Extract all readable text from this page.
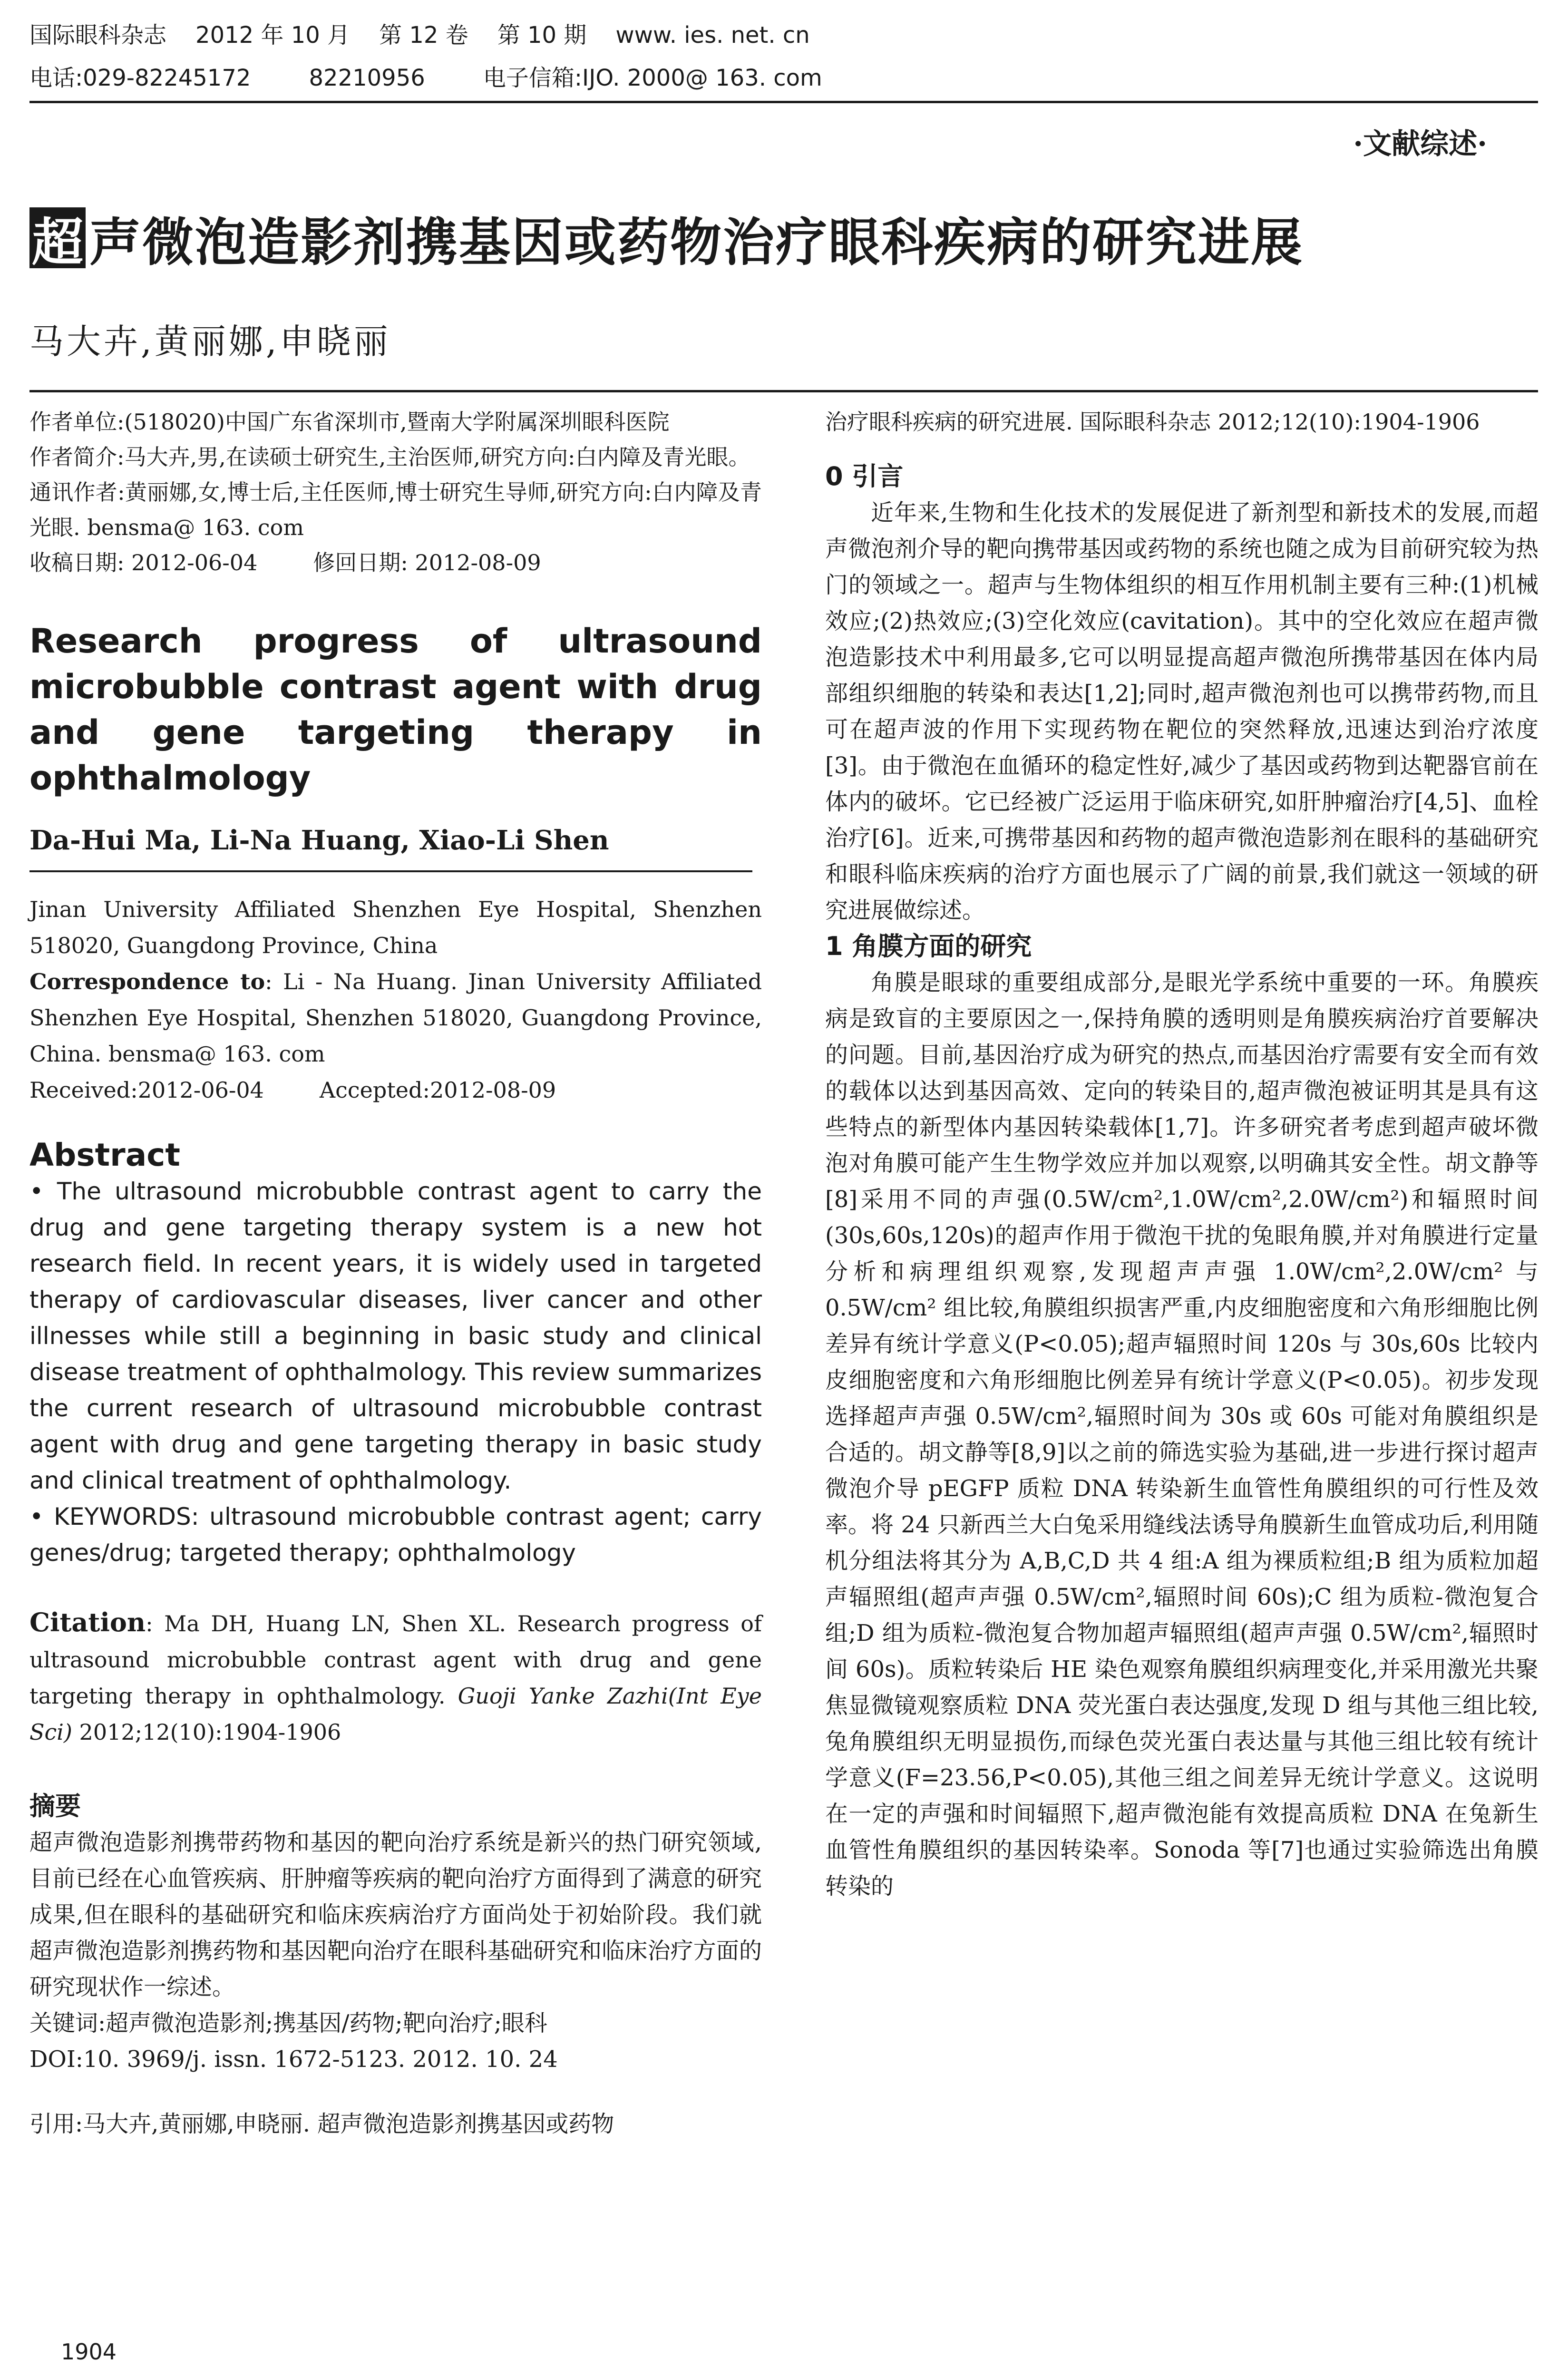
国际眼科杂志    2012 年 10 月    第 12 卷    第 10 期    www. ies. net. cn
电话:029-82245172        82210956        电子信箱:IJO. 2000@ 163. com
·文献综述·
超 声微泡造影剂携基因或药物治疗眼科疾病的研究进展
马大卉,黄丽娜,申晓丽

作者单位:(518020)中国广东省深圳市,暨南大学附属深圳眼科医院

作者简介:马大卉,男,在读硕士研究生,主治医师,研究方向:白内障及青光眼。

通讯作者:黄丽娜,女,博士后,主任医师,博士研究生导师,研究方向:白内障及青光眼. bensma@ 163. com

收稿日期: 2012-06-04        修回日期: 2012-08-09

Research progress of ultrasound microbubble contrast agent with drug and gene targeting therapy in ophthalmology

Da-Hui Ma, Li-Na Huang, Xiao-Li Shen

Jinan University Affiliated Shenzhen Eye Hospital, Shenzhen 518020, Guangdong Province, China

Correspondence to: Li - Na Huang. Jinan University Affiliated Shenzhen Eye Hospital, Shenzhen 518020, Guangdong Province, China. bensma@ 163. com

Received:2012-06-04        Accepted:2012-08-09

Abstract

• The ultrasound microbubble contrast agent to carry the drug and gene targeting therapy system is a new hot research field. In recent years, it is widely used in targeted therapy of cardiovascular diseases, liver cancer and other illnesses while still a beginning in basic study and clinical disease treatment of ophthalmology. This review summarizes the current research of ultrasound microbubble contrast agent with drug and gene targeting therapy in basic study and clinical treatment of ophthalmology.

• KEYWORDS: ultrasound microbubble contrast agent; carry genes/drug; targeted therapy; ophthalmology

Citation: Ma DH, Huang LN, Shen XL. Research progress of ultrasound microbubble contrast agent with drug and gene targeting therapy in ophthalmology. Guoji Yanke Zazhi(Int Eye Sci) 2012;12(10):1904-1906

摘要

超声微泡造影剂携带药物和基因的靶向治疗系统是新兴的热门研究领域,目前已经在心血管疾病、肝肿瘤等疾病的靶向治疗方面得到了满意的研究成果,但在眼科的基础研究和临床疾病治疗方面尚处于初始阶段。我们就超声微泡造影剂携药物和基因靶向治疗在眼科基础研究和临床治疗方面的研究现状作一综述。

关键词:超声微泡造影剂;携基因/药物;靶向治疗;眼科

DOI:10. 3969/j. issn. 1672-5123. 2012. 10. 24

引用:马大卉,黄丽娜,申晓丽. 超声微泡造影剂携基因或药物

治疗眼科疾病的研究进展. 国际眼科杂志 2012;12(10):1904-1906

0 引言

近年来,生物和生化技术的发展促进了新剂型和新技术的发展,而超声微泡剂介导的靶向携带基因或药物的系统也随之成为目前研究较为热门的领域之一。超声与生物体组织的相互作用机制主要有三种:(1)机械效应;(2)热效应;(3)空化效应(cavitation)。其中的空化效应在超声微泡造影技术中利用最多,它可以明显提高超声微泡所携带基因在体内局部组织细胞的转染和表达[1,2];同时,超声微泡剂也可以携带药物,而且可在超声波的作用下实现药物在靶位的突然释放,迅速达到治疗浓度[3]。由于微泡在血循环的稳定性好,减少了基因或药物到达靶器官前在体内的破坏。它已经被广泛运用于临床研究,如肝肿瘤治疗[4,5]、血栓治疗[6]。近来,可携带基因和药物的超声微泡造影剂在眼科的基础研究和眼科临床疾病的治疗方面也展示了广阔的前景,我们就这一领域的研究进展做综述。

1 角膜方面的研究

角膜是眼球的重要组成部分,是眼光学系统中重要的一环。角膜疾病是致盲的主要原因之一,保持角膜的透明则是角膜疾病治疗首要解决的问题。目前,基因治疗成为研究的热点,而基因治疗需要有安全而有效的载体以达到基因高效、定向的转染目的,超声微泡被证明其是具有这些特点的新型体内基因转染载体[1,7]。许多研究者考虑到超声破坏微泡对角膜可能产生生物学效应并加以观察,以明确其安全性。胡文静等[8]采用不同的声强(0.5W/cm²,1.0W/cm²,2.0W/cm²)和辐照时间(30s,60s,120s)的超声作用于微泡干扰的兔眼角膜,并对角膜进行定量分析和病理组织观察,发现超声声强 1.0W/cm²,2.0W/cm² 与 0.5W/cm² 组比较,角膜组织损害严重,内皮细胞密度和六角形细胞比例差异有统计学意义(P<0.05);超声辐照时间 120s 与 30s,60s 比较内皮细胞密度和六角形细胞比例差异有统计学意义(P<0.05)。初步发现选择超声声强 0.5W/cm²,辐照时间为 30s 或 60s 可能对角膜组织是合适的。胡文静等[8,9]以之前的筛选实验为基础,进一步进行探讨超声微泡介导 pEGFP 质粒 DNA 转染新生血管性角膜组织的可行性及效率。将 24 只新西兰大白兔采用缝线法诱导角膜新生血管成功后,利用随机分组法将其分为 A,B,C,D 共 4 组:A 组为裸质粒组;B 组为质粒加超声辐照组(超声声强 0.5W/cm²,辐照时间 60s);C 组为质粒-微泡复合组;D 组为质粒-微泡复合物加超声辐照组(超声声强 0.5W/cm²,辐照时间 60s)。质粒转染后 HE 染色观察角膜组织病理变化,并采用激光共聚焦显微镜观察质粒 DNA 荧光蛋白表达强度,发现 D 组与其他三组比较,兔角膜组织无明显损伤,而绿色荧光蛋白表达量与其他三组比较有统计学意义(F=23.56,P<0.05),其他三组之间差异无统计学意义。这说明在一定的声强和时间辐照下,超声微泡能有效提高质粒 DNA 在兔新生血管性角膜组织的基因转染率。Sonoda 等[7]也通过实验筛选出角膜转染的

1904
